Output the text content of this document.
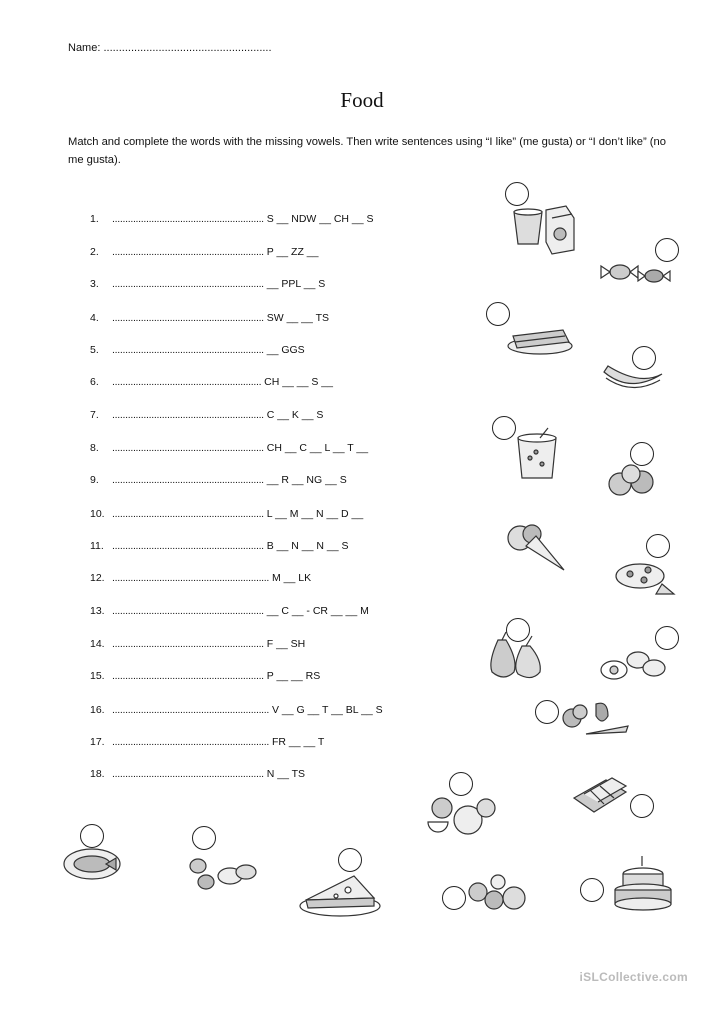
Name: .......................................................
Food
Match and complete the words with the missing vowels. Then write sentences using “I like” (me gusta) or “I don’t like” (no me gusta).
1. .......................................................... S __ NDW __ CH __ S
2. .......................................................... P __ ZZ __
3. .......................................................... __ PPL __ S
4. .......................................................... SW __ __ TS
5. .......................................................... __ GGS
6. ......................................................... CH __ __ S __
7. .......................................................... C __ K __ S
8. .......................................................... CH __ C __ L __ T __
9. .......................................................... __ R __ NG __ S
10. .......................................................... L __ M __ N __ D __
11. .......................................................... B __ N __ N __ S
12. ............................................................ M __ LK
13. .......................................................... __ C __ - CR __ __ M
14. .......................................................... F __ SH
15. .......................................................... P __ __ RS
16. ............................................................ V __ G __ T __ BL __ S
17. ............................................................ FR __ __ T
18. .......................................................... N __ TS
iSLCollective.com
